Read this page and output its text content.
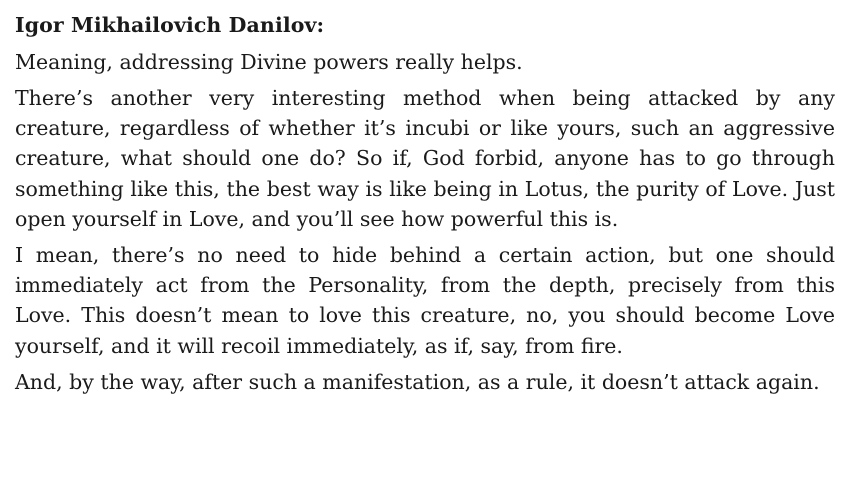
Igor Mikhailovich Danilov:

Meaning, addressing Divine powers really helps.

There’s another very interesting method when being attacked by any creature, regardless of whether it’s incubi or like yours, such an aggressive creature, what should one do? So if, God forbid, anyone has to go through something like this, the best way is like being in Lotus, the purity of Love. Just open yourself in Love, and you’ll see how powerful this is.

I mean, there’s no need to hide behind a certain action, but one should immediately act from the Personality, from the depth, precisely from this Love. This doesn’t mean to love this creature, no, you should become Love yourself, and it will recoil immediately, as if, say, from fire.

And, by the way, after such a manifestation, as a rule, it doesn’t attack again.
